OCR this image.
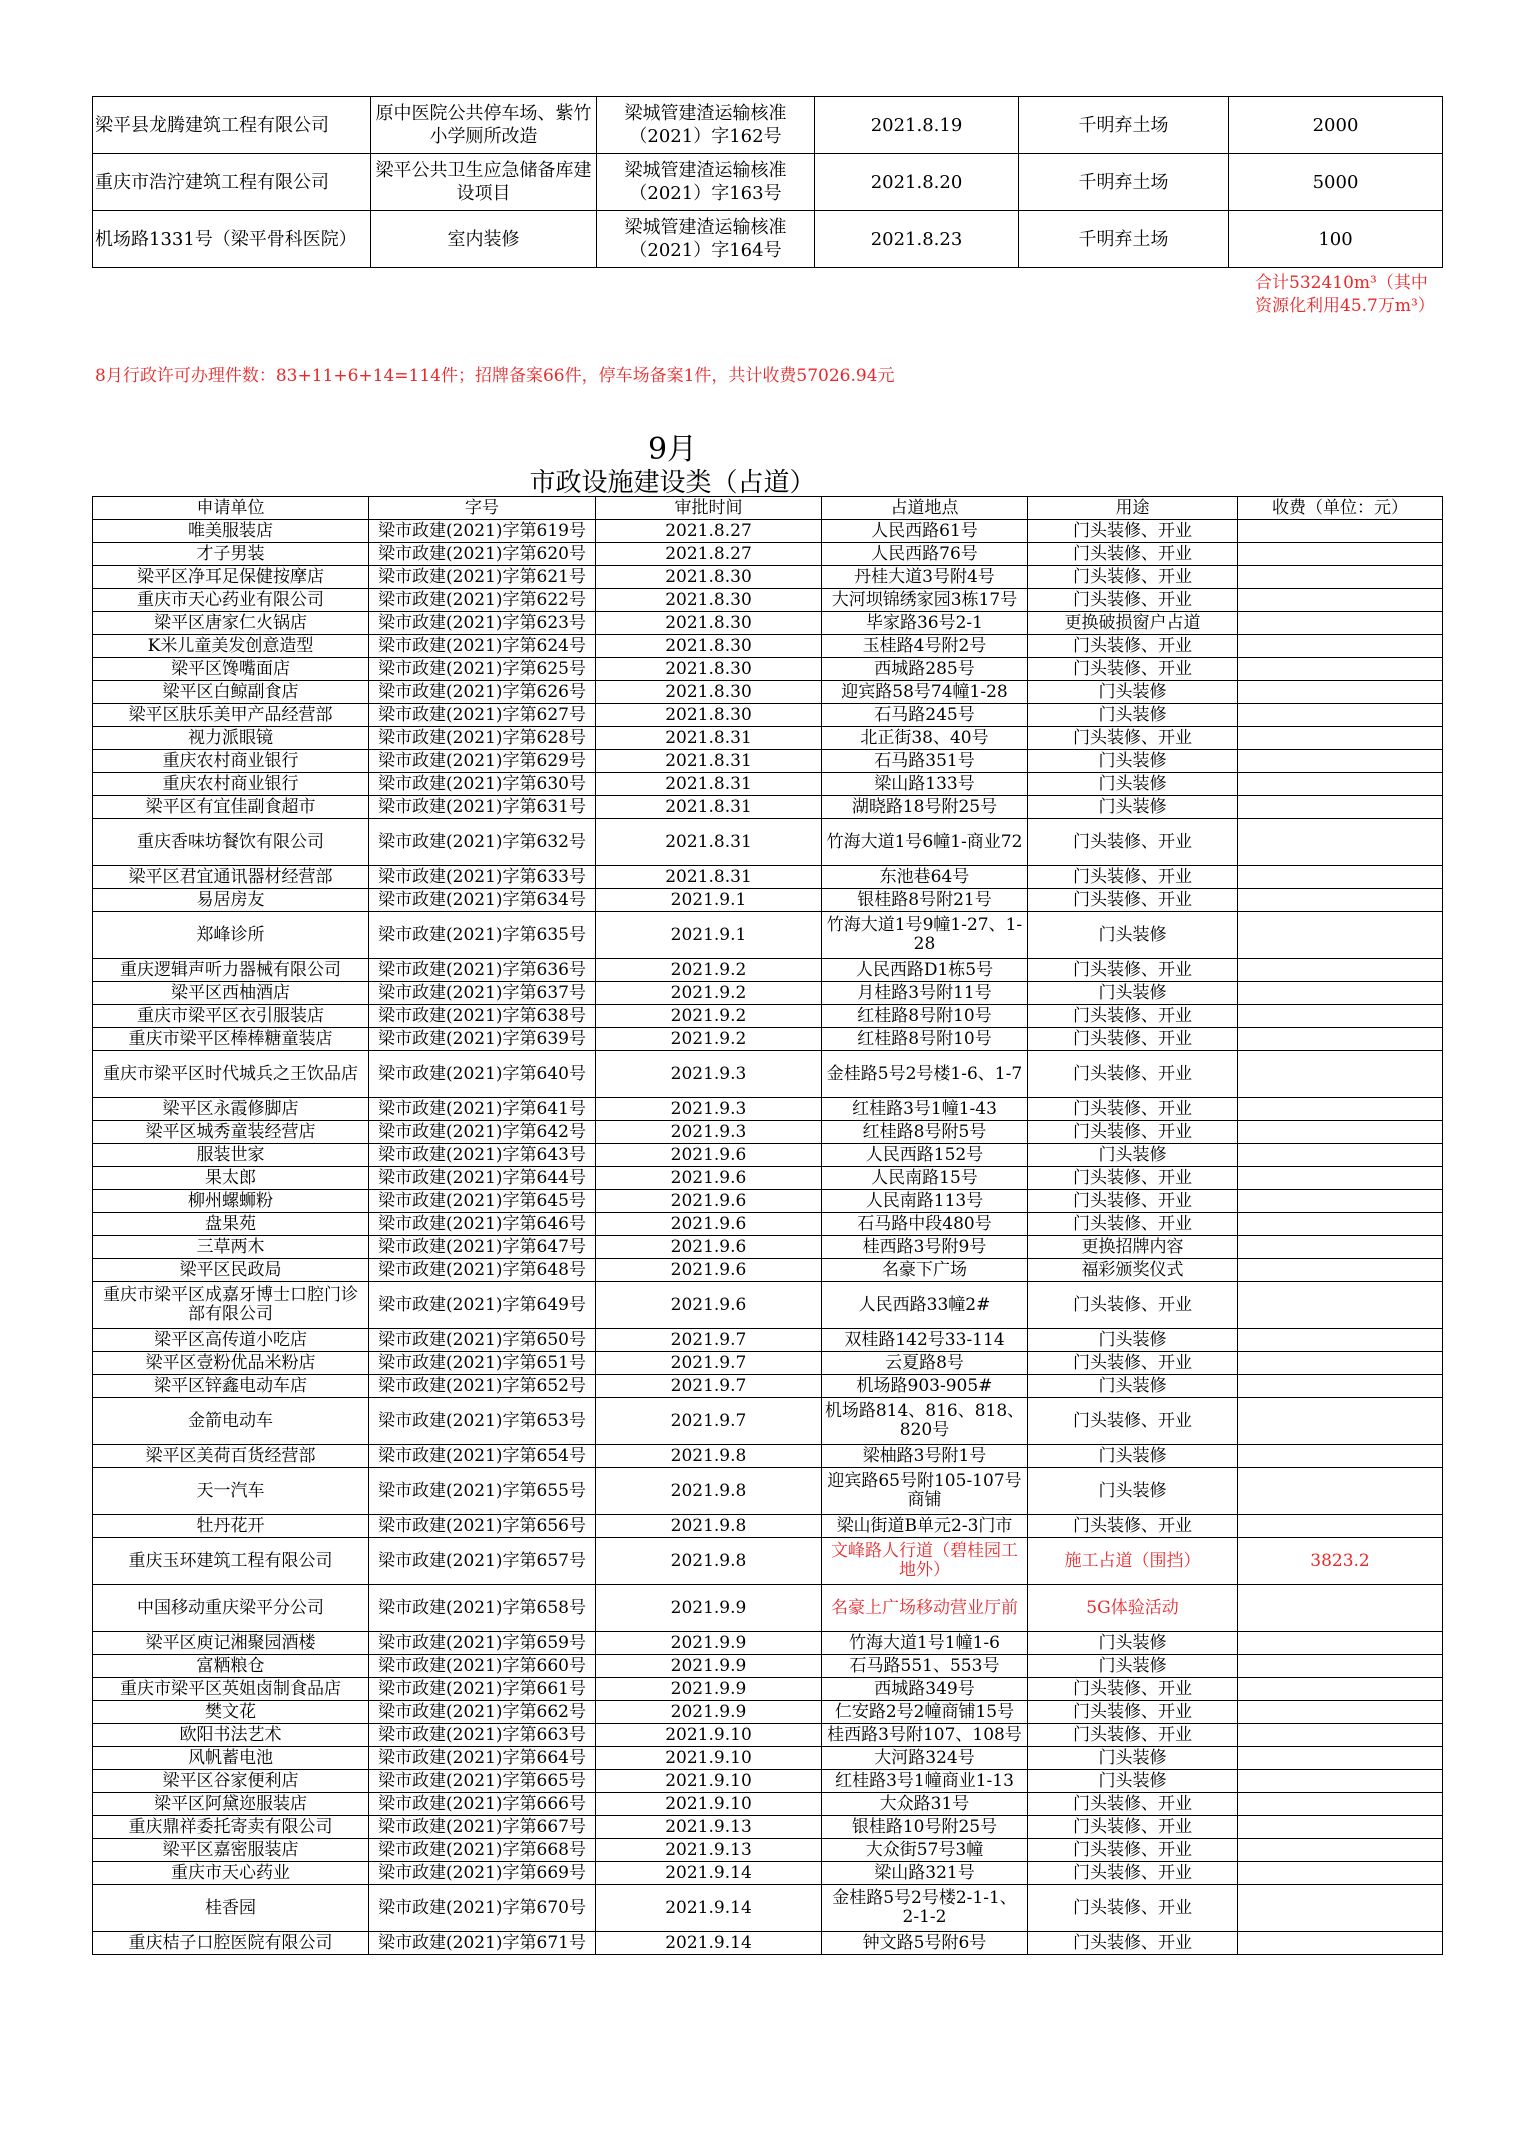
梁平县龙腾建筑工程有限公司	原中医院公共停车场、紫竹小学厕所改造	梁城管建渣运输核准（2021）字162号	2021.8.19	千明弃土场	2000
重庆市浩泞建筑工程有限公司	梁平公共卫生应急储备库建设项目	梁城管建渣运输核准（2021）字163号	2021.8.20	千明弃土场	5000
机场路1331号（梁平骨科医院）	室内装修	梁城管建渣运输核准（2021）字164号	2021.8.23	千明弃土场	100
合计532410m³（其中资源化利用45.7万m³）
8月行政许可办理件数：83+11+6+14=114件；招牌备案66件，停车场备案1件，共计收费57026.94元
9月
市政设施建设类（占道）
申请单位	字号	审批时间	占道地点	用途	收费（单位：元）
唯美服装店	梁市政建(2021)字第619号	2021.8.27	人民西路61号	门头装修、开业	
才子男装	梁市政建(2021)字第620号	2021.8.27	人民西路76号	门头装修、开业	
梁平区净耳足保健按摩店	梁市政建(2021)字第621号	2021.8.30	丹桂大道3号附4号	门头装修、开业	
重庆市天心药业有限公司	梁市政建(2021)字第622号	2021.8.30	大河坝锦绣家园3栋17号	门头装修、开业	
梁平区唐家仁火锅店	梁市政建(2021)字第623号	2021.8.30	毕家路36号2-1	更换破损窗户占道	
K米儿童美发创意造型	梁市政建(2021)字第624号	2021.8.30	玉桂路4号附2号	门头装修、开业	
梁平区馋嘴面店	梁市政建(2021)字第625号	2021.8.30	西城路285号	门头装修、开业	
梁平区白鲸副食店	梁市政建(2021)字第626号	2021.8.30	迎宾路58号74幢1-28	门头装修	
梁平区肤乐美甲产品经营部	梁市政建(2021)字第627号	2021.8.30	石马路245号	门头装修	
视力派眼镜	梁市政建(2021)字第628号	2021.8.31	北正街38、40号	门头装修、开业	
重庆农村商业银行	梁市政建(2021)字第629号	2021.8.31	石马路351号	门头装修	
重庆农村商业银行	梁市政建(2021)字第630号	2021.8.31	梁山路133号	门头装修	
梁平区有宜佳副食超市	梁市政建(2021)字第631号	2021.8.31	湖晓路18号附25号	门头装修	
重庆香味坊餐饮有限公司	梁市政建(2021)字第632号	2021.8.31	竹海大道1号6幢1-商业72	门头装修、开业	
梁平区君宜通讯器材经营部	梁市政建(2021)字第633号	2021.8.31	东池巷64号	门头装修、开业	
易居房友	梁市政建(2021)字第634号	2021.9.1	银桂路8号附21号	门头装修、开业	
郑峰诊所	梁市政建(2021)字第635号	2021.9.1	竹海大道1号9幢1-27、1-28	门头装修	
重庆逻辑声听力器械有限公司	梁市政建(2021)字第636号	2021.9.2	人民西路D1栋5号	门头装修、开业	
梁平区西柚酒店	梁市政建(2021)字第637号	2021.9.2	月桂路3号附11号	门头装修	
重庆市梁平区衣引服装店	梁市政建(2021)字第638号	2021.9.2	红桂路8号附10号	门头装修、开业	
重庆市梁平区棒棒糖童装店	梁市政建(2021)字第639号	2021.9.2	红桂路8号附10号	门头装修、开业	
重庆市梁平区时代城兵之王饮品店	梁市政建(2021)字第640号	2021.9.3	金桂路5号2号楼1-6、1-7	门头装修、开业	
梁平区永霞修脚店	梁市政建(2021)字第641号	2021.9.3	红桂路3号1幢1-43	门头装修、开业	
梁平区城秀童装经营店	梁市政建(2021)字第642号	2021.9.3	红桂路8号附5号	门头装修、开业	
服装世家	梁市政建(2021)字第643号	2021.9.6	人民西路152号	门头装修	
果太郎	梁市政建(2021)字第644号	2021.9.6	人民南路15号	门头装修、开业	
柳州螺蛳粉	梁市政建(2021)字第645号	2021.9.6	人民南路113号	门头装修、开业	
盘果苑	梁市政建(2021)字第646号	2021.9.6	石马路中段480号	门头装修、开业	
三草两木	梁市政建(2021)字第647号	2021.9.6	桂西路3号附9号	更换招牌内容	
梁平区民政局	梁市政建(2021)字第648号	2021.9.6	名豪下广场	福彩颁奖仪式	
重庆市梁平区成嘉牙博士口腔门诊部有限公司	梁市政建(2021)字第649号	2021.9.6	人民西路33幢2#	门头装修、开业	
梁平区高传道小吃店	梁市政建(2021)字第650号	2021.9.7	双桂路142号33-114	门头装修	
梁平区壹粉优品米粉店	梁市政建(2021)字第651号	2021.9.7	云夏路8号	门头装修、开业	
梁平区锌鑫电动车店	梁市政建(2021)字第652号	2021.9.7	机场路903-905#	门头装修	
金箭电动车	梁市政建(2021)字第653号	2021.9.7	机场路814、816、818、820号	门头装修、开业	
梁平区美荷百货经营部	梁市政建(2021)字第654号	2021.9.8	梁柚路3号附1号	门头装修	
天一汽车	梁市政建(2021)字第655号	2021.9.8	迎宾路65号附105-107号商铺	门头装修	
牡丹花开	梁市政建(2021)字第656号	2021.9.8	梁山街道B单元2-3门市	门头装修、开业	
重庆玉环建筑工程有限公司	梁市政建(2021)字第657号	2021.9.8	文峰路人行道（碧桂园工地外）	施工占道（围挡）	3823.2
中国移动重庆梁平分公司	梁市政建(2021)字第658号	2021.9.9	名豪上广场移动营业厅前	5G体验活动	
梁平区庾记湘聚园酒楼	梁市政建(2021)字第659号	2021.9.9	竹海大道1号1幢1-6	门头装修	
富粞粮仓	梁市政建(2021)字第660号	2021.9.9	石马路551、553号	门头装修	
重庆市梁平区英姐卤制食品店	梁市政建(2021)字第661号	2021.9.9	西城路349号	门头装修、开业	
樊文花	梁市政建(2021)字第662号	2021.9.9	仁安路2号2幢商铺15号	门头装修、开业	
欧阳书法艺术	梁市政建(2021)字第663号	2021.9.10	桂西路3号附107、108号	门头装修、开业	
风帆蓄电池	梁市政建(2021)字第664号	2021.9.10	大河路324号	门头装修	
梁平区谷家便利店	梁市政建(2021)字第665号	2021.9.10	红桂路3号1幢商业1-13	门头装修	
梁平区阿黛迩服装店	梁市政建(2021)字第666号	2021.9.10	大众路31号	门头装修、开业	
重庆鼎祥委托寄卖有限公司	梁市政建(2021)字第667号	2021.9.13	银桂路10号附25号	门头装修、开业	
梁平区嘉密服装店	梁市政建(2021)字第668号	2021.9.13	大众街57号3幢	门头装修、开业	
重庆市天心药业	梁市政建(2021)字第669号	2021.9.14	梁山路321号	门头装修、开业	
桂香园	梁市政建(2021)字第670号	2021.9.14	金桂路5号2号楼2-1-1、2-1-2	门头装修、开业	
重庆桔子口腔医院有限公司	梁市政建(2021)字第671号	2021.9.14	钟文路5号附6号	门头装修、开业	
